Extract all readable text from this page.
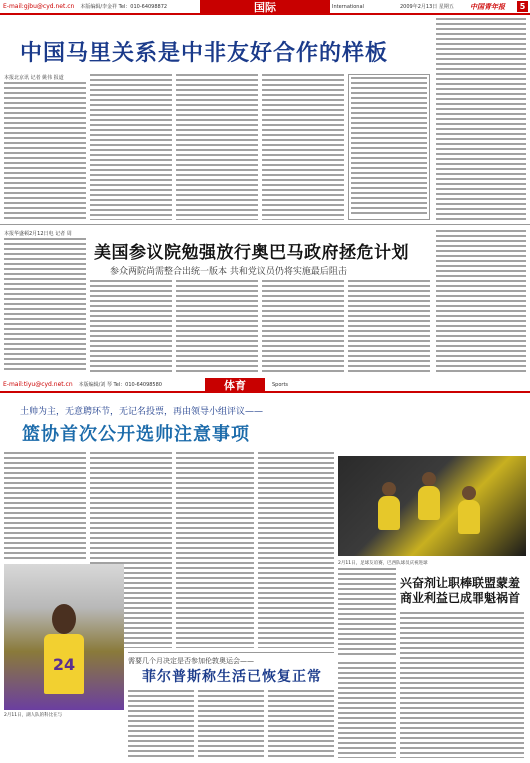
E-mail:gjbu@cyd.net.cn 本版编辑/李金祥 Tel：010-64098872	国际	International	2009年2月13日 星期五 中国青年报	5
中国马里关系是中非友好合作的样板
本报北京讯 记者 姚伟 报道
本报华盛顿2月12日电 记者 周
美国参议院勉强放行奥巴马政府拯危计划
参众两院尚需整合出统一版本 共和党议员仍将实施最后阻击
E-mail:tiyu@cyd.net.cn 本版编辑/刘 琴 Tel：010-64098580	体育	Sports
土帅为主，无意聘环节，无记名投票，再由领导小组评议——
篮协首次公开选帅注意事项
24
2月11日，湖人队的科比在与
2月11日，足球友谊赛，巴西队球员庆祝进球
兴奋剂让职棒联盟蒙羞
商业利益已成罪魁祸首
需要几个月决定是否参加伦敦奥运会——
菲尔普斯称生活已恢复正常
